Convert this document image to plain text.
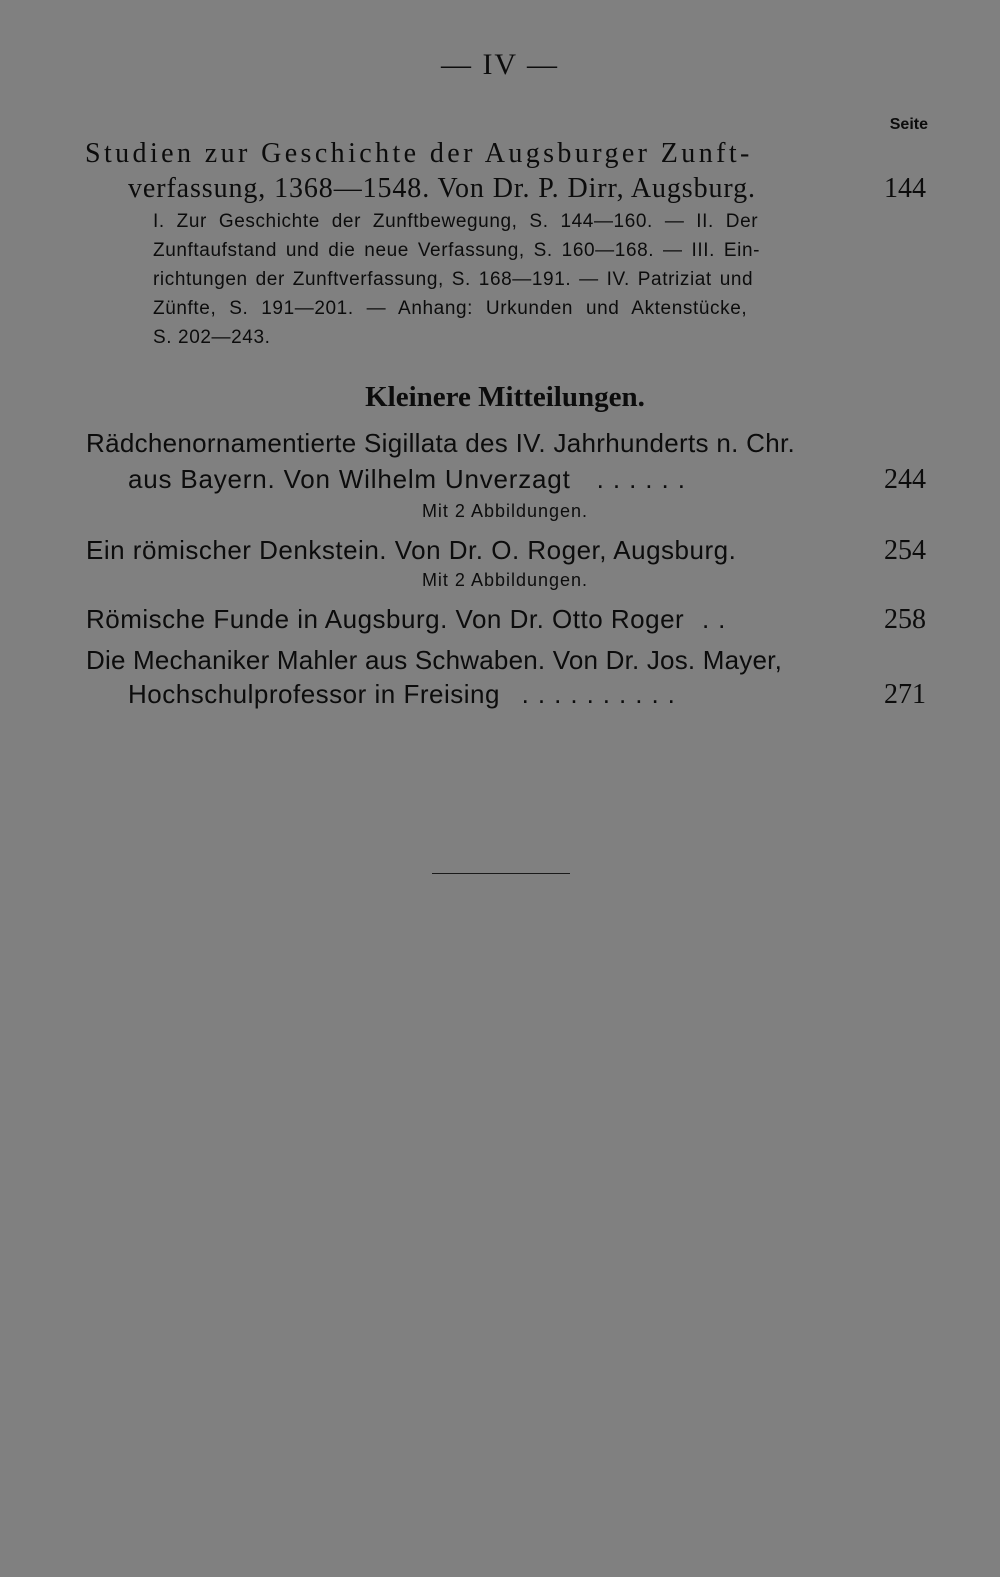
— IV —
Seite
Studien zur Geschichte der Augsburger Zunft-
verfassung, 1368—1548. Von Dr. P. Dirr, Augsburg.	144
I. Zur Geschichte der Zunftbewegung, S. 144—160. — II. Der
Zunftaufstand und die neue Verfassung, S. 160—168. — III. Ein-
richtungen der Zunftverfassung, S. 168—191. — IV. Patriziat und
Zünfte, S. 191—201. — Anhang: Urkunden und Aktenstücke,
S. 202—243.
Kleinere Mitteilungen.
Rädchenornamentierte Sigillata des IV. Jahrhunderts n. Chr.
aus Bayern. Von Wilhelm Unverzagt ......	244
Mit 2 Abbildungen.
Ein römischer Denkstein. Von Dr. O. Roger, Augsburg.	254
Mit 2 Abbildungen.
Römische Funde in Augsburg. Von Dr. Otto Roger ..	258
Die Mechaniker Mahler aus Schwaben. Von Dr. Jos. Mayer,
Hochschulprofessor in Freising ..........	271
